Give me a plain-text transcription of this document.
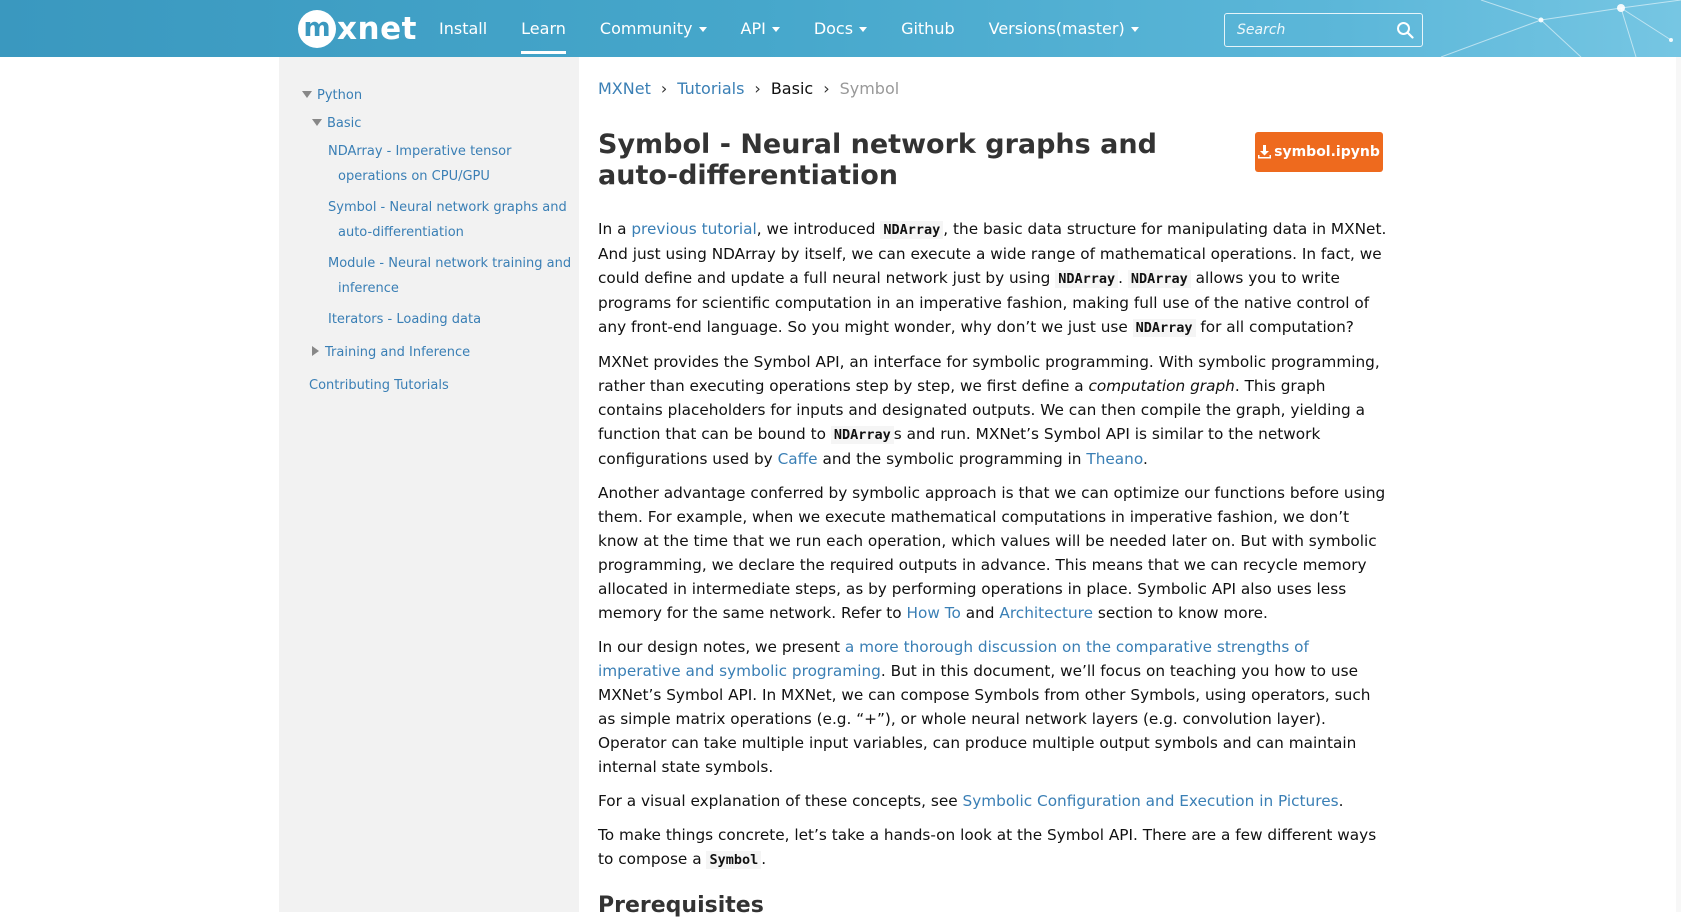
m xnet Install Learn Community	API	Docs	Github Versions(master)
Search
Python
Basic
NDArray - Imperative tensor
operations on CPU/GPU
Symbol - Neural network graphs and
auto-differentiation
Module - Neural network training and
inference
Iterators - Loading data
Training and Inference
Contributing Tutorials
MXNet › Tutorials › Basic › Symbol
Symbol - Neural network graphs and auto-differentiation
symbol.ipynb

In a previous tutorial, we introduced NDArray , the basic data structure for manipulating data in MXNet. And just using NDArray by itself, we can execute a wide range of mathematical operations. In fact, we could define and update a full neural network just by using NDArray . NDArray allows you to write programs for scientific computation in an imperative fashion, making full use of the native control of any front-end language. So you might wonder, why don’t we just use NDArray for all computation?

MXNet provides the Symbol API, an interface for symbolic programming. With symbolic programming, rather than executing operations step by step, we first define a computation graph. This graph contains placeholders for inputs and designated outputs. We can then compile the graph, yielding a function that can be bound to NDArray s and run. MXNet’s Symbol API is similar to the network configurations used by Caffe and the symbolic programming in Theano.

Another advantage conferred by symbolic approach is that we can optimize our functions before using them. For example, when we execute mathematical computations in imperative fashion, we don’t know at the time that we run each operation, which values will be needed later on. But with symbolic programming, we declare the required outputs in advance. This means that we can recycle memory allocated in intermediate steps, as by performing operations in place. Symbolic API also uses less memory for the same network. Refer to How To and Architecture section to know more.

In our design notes, we present a more thorough discussion on the comparative strengths of imperative and symbolic programing. But in this document, we’ll focus on teaching you how to use MXNet’s Symbol API. In MXNet, we can compose Symbols from other Symbols, using operators, such as simple matrix operations (e.g. “+”), or whole neural network layers (e.g. convolution layer). Operator can take multiple input variables, can produce multiple output symbols and can maintain internal state symbols.

For a visual explanation of these concepts, see Symbolic Configuration and Execution in Pictures.

To make things concrete, let’s take a hands-on look at the Symbol API. There are a few different ways to compose a Symbol .

Prerequisites
